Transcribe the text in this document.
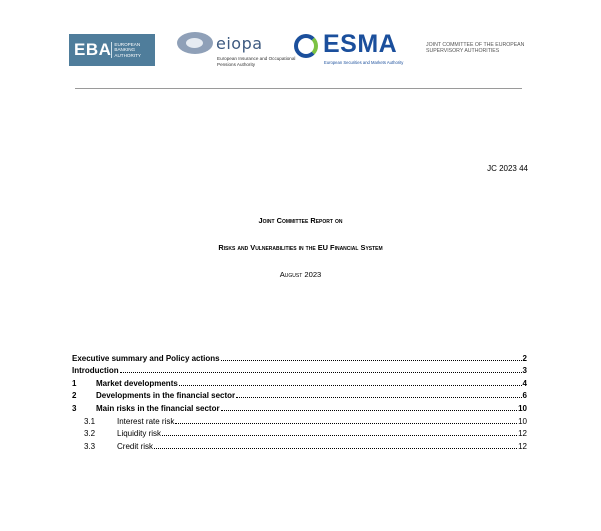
EBA EUROPEAN BANKING AUTHORITY
eiopa
European Insurance and Occupational Pensions Authority
ESMA
European Securities and Markets Authority
JOINT COMMITTEE OF THE EUROPEAN SUPERVISORY AUTHORITIES
JC 2023 44
Joint Committee Report on
Risks and Vulnerabilities in the EU Financial System
August 2023
Executive summary and Policy actions	2
Introduction	3
1	Market developments	4
2	Developments in the financial sector	6
3	Main risks in the financial sector	10
3.1	Interest rate risk	10
3.2	Liquidity risk	12
3.3	Credit risk	12
